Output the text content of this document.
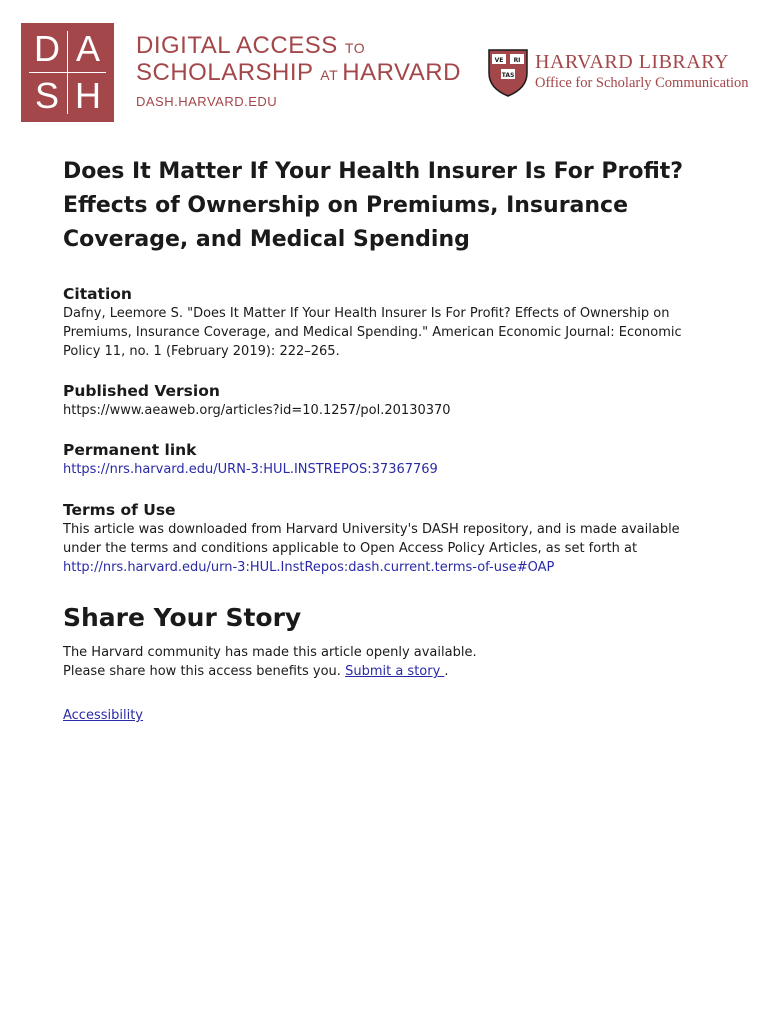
D A
S H
DIGITAL ACCESS TO
SCHOLARSHIP AT HARVARD
DASH.HARVARD.EDU
VE RI
TAS
HARVARD LIBRARY
Office for Scholarly Communication
Does It Matter If Your Health Insurer Is For Profit? Effects of Ownership on Premiums, Insurance Coverage, and Medical Spending

Citation

Dafny, Leemore S. "Does It Matter If Your Health Insurer Is For Profit? Effects of Ownership on Premiums, Insurance Coverage, and Medical Spending." American Economic Journal: Economic Policy 11, no. 1 (February 2019): 222–265.

Published Version

https://www.aeaweb.org/articles?id=10.1257/pol.20130370

Permanent link

https://nrs.harvard.edu/URN-3:HUL.INSTREPOS:37367769

Terms of Use

This article was downloaded from Harvard University's DASH repository, and is made available under the terms and conditions applicable to Open Access Policy Articles, as set forth at http://nrs.harvard.edu/urn-3:HUL.InstRepos:dash.current.terms-of-use#OAP

Share Your Story

The Harvard community has made this article openly available.

Please share how this access benefits you. Submit a story .

Accessibility
